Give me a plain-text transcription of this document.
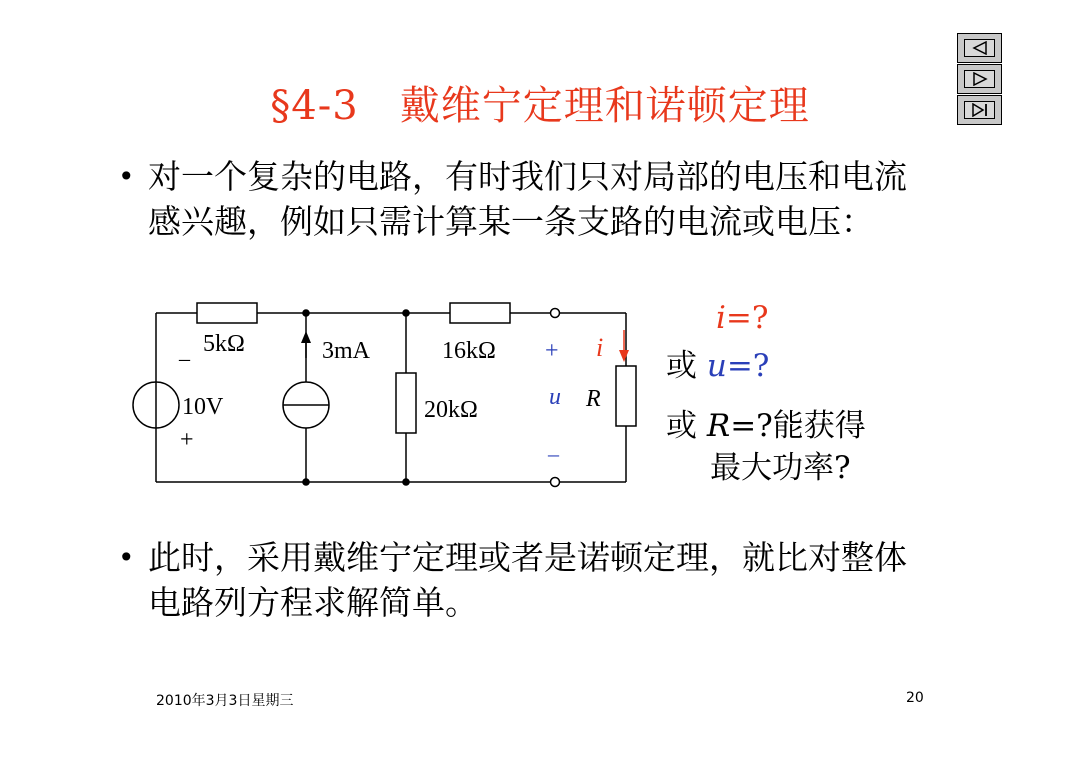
§4-3　戴维宁定理和诺顿定理
• 对一个复杂的电路，有时我们只对局部的电压和电流感兴趣，例如只需计算某一条支路的电流或电压：
5kΩ
_
10V
+
3mA
20kΩ
16kΩ +
u
–
i
R
i=?
或 u=?
或 R=?能获得
最大功率?
• 此时，采用戴维宁定理或者是诺顿定理，就比对整体电路列方程求解简单。
2010年3月3日星期三	20
